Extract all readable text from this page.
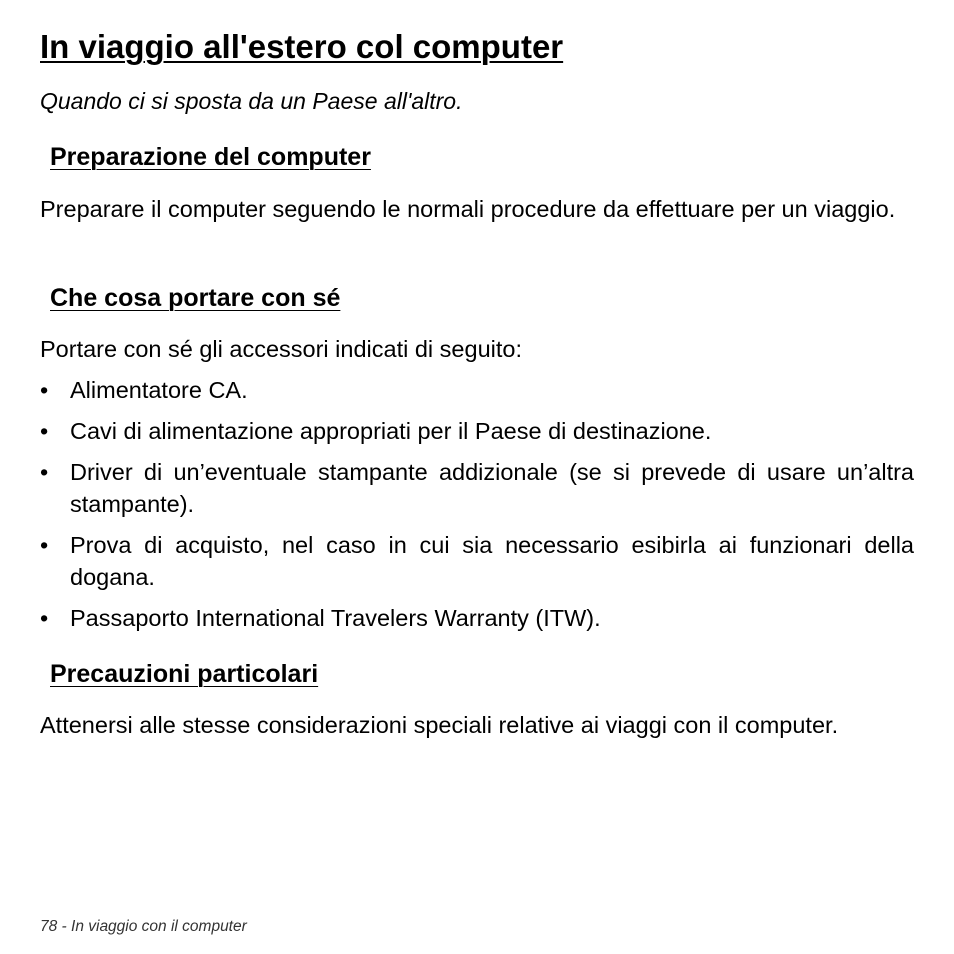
In viaggio all'estero col computer

Quando ci si sposta da un Paese all'altro.

Preparazione del computer

Preparare il computer seguendo le normali procedure da effettuare per un viaggio.

Che cosa portare con sé

Portare con sé gli accessori indicati di seguito:

• Alimentatore CA.
• Cavi di alimentazione appropriati per il Paese di destinazione.
• Driver di un’eventuale stampante addizionale (se si prevede di usare un’altra stampante).
• Prova di acquisto, nel caso in cui sia necessario esibirla ai funzionari della dogana.
• Passaporto International Travelers Warranty (ITW).
Precauzioni particolari

Attenersi alle stesse considerazioni speciali relative ai viaggi con il computer.

78 - In viaggio con il computer
